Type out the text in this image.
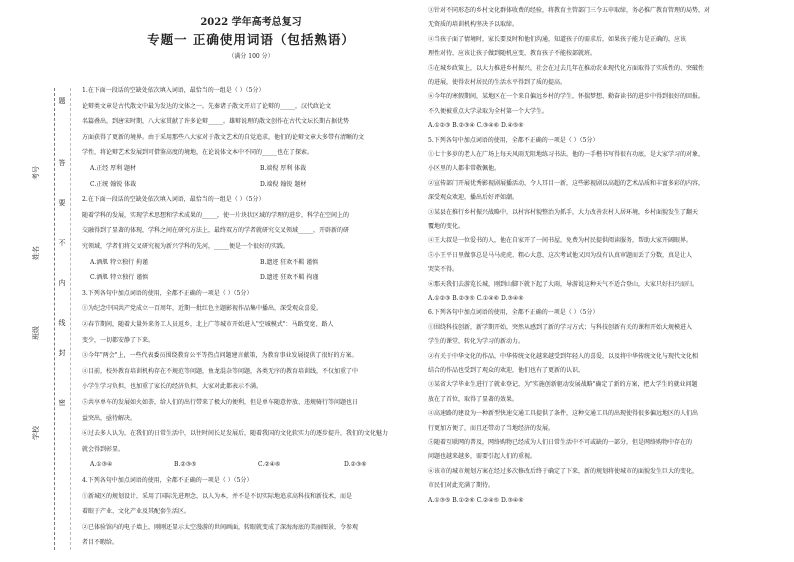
题
答
要
不
内
线
封
密
考号
姓名
班级
学校
2022 学年高考总复习
专题一 正确使用词语（包括熟语）
（满分 100 分）
1.在下面一段话的空缺处依次填入词语，最恰当的一组是（ ）（5分）
论辩类文章是古代散文中最为发达的文体之一。先秦诸子散文开启了论辩的_____，汉代政论文
名篇叠出，到唐宋时期，八大家贯献了许多论辩_____。雄辩说理的散文创作在古代文坛长期占据优势
方面获得了更新的境界。由于采用那些八大家对于散文艺术的自觉追求，他们的论辩文章大多带有清晰的文
学性，将论辩艺术发展到可借鉴高度的境地，在论说体文本中不同的_____也在了探索。
A.正经 厚利 题材	B.端倪 厚利 体裁
C.正统 翰锐 体裁	D.端倪 翰锐 题材
2.在下面一段话的空缺处依次填入词语，最恰当的一组是（ ）（5分）
随着学科的发展，实现学术思想和学术成果的_____，使一片块状区域的学理的进步，科学在空间上的
交融得到了显著的体现，学科之间在研究方法上，最终双方的学者就研究交叉领域_____，开辟新的研
究领域，学者们将交叉研究视为新兴学科的先河，_____便是一个很好的实践。
A.酒肌 特立独行 拘谨	B.遗迹 狂欢不羁 谨慎
C.酒肌 特立独行 谨慎	D.遗迹 狂欢不羁 拘谨
3.下列各句中加点词语的使用，全都不正确的一项是（ ）（5分）
①为纪念中国共产党成立一百周年，近期一批红色主题影视作品集中播出，深受观众喜爱。
②春节期间，随着大量外来务工人员返乡，北上广等城市开始进入"空城模式"：马路变宽、路人
变少，一切都安静了下来。
③今年"两会"上，一些代表委员围绕教育公平等热点问题建言献策，为教育事业发展提供了很好的方案。
④目前，校外教育培训机构存在不规范等问题，鱼龙混杂等问题，各类无序的教育培训线，不仅加重了中
小学生学习负担，也加重了家长的经济负担，大家对此都表示不满。
⑤共享单车的发展如火如荼，给人们的出行带来了极大的便利，但是单车随意停放、违规骑行等问题也日
益突出，亟待解决。
⑥过去多人认为，在我们的日常生活中，以往时间长足发展后，随着我国的文化软实力的逐步提升，我们的文化魅力
就会得到彰显。
A.①③④	B.②③⑤	C.②④⑥	D.②③⑥
4.下列各句中加点词语的使用，全都不正确的一项是（ ）（5分）
①新城区的规划设计，采用了国际先进理念，以人为本，并不是不切实际地追求高科技和新技术，而是
着眼于产业、文化产业及其配套生活区。
②已体验馆内的电子墙上，刚刚还显示太空漫游的世间画面，转眼就变成了深海海底的美丽图景，令参观
者目不暇给。
③针对不同形态的乡村文化群体收费的经验，将教育主管部门三令五申取缔，务必推广教育管理的局势，对
无资质的培训机构坚决予以取缔。
④当孩子面了情境时，家长要及时和他们沟通，知道孩子的需求后，如果孩子能力是正确的，应该
理性对待，应该让孩子做到随机应变，教育孩子不能按部就班。
⑤在城乡政策上，以大力推进乡村振兴，社会在过去几年在推动农业现代化方面取得了实质性的、突破性
的进展，使得农村居民的生活水平得到了质的提高。
⑥今年的寒假期间，某地区在一个来自偏远乡村的学生，怀揣梦想、勤奋读书的进步中得到很好的回报。
不久便被重点大学录取为全村第一个大学生。
A.①②③ B.②③④ C.③④⑥ D.④⑤⑥
5.下列各句中加点词语的使用，全都不正确的一项是（ ）（5分）
①七十多岁的老人在广场上每天风雨无阻地练习书法，他的一手楷书写得很有功底，是大家学习的对象，
小区里的人都非常敬佩他。
②宣传部门开展优秀影视剧展播活动，令人耳目一新，这些影视剧以高超的艺术品质和丰富多彩的内容，
深受观众欢迎，播出后好评如潮。
③某县在推行乡村振兴战略中，以村容村貌整治为抓手，大力改善农村人居环境，乡村面貌发生了翻天
覆地的变化。
④王大叔是一位爱书的人，他在自家开了一间书屋，免费为村民提供阅读服务，帮助大家开阔眼界。
⑤小王平日里做事总是马马虎虎、粗心大意，这次考试他又因为没有认真审题而丢了分数，真是让人
哭笑不得。
⑥那天我们去游览长城，刚到山脚下就下起了大雨，导游说这种天气不适合登山，大家只好扫兴而归。
A.①②③ B.②③⑤ C.①④⑥ D.③④⑥
6.下列各句中加点词语的使用，全都不正确的一项是（ ）（5分）
①围绕科技创新，新学期开始，突然从感到了新的学习方式；与科技创新有关的课程开始大规模进入
学生的课堂，转化为学习的新动力。
②有关于中华文化的作品，中华传统文化越来越受到年轻人的喜爱，以及将中华传统文化与现代文化相
结合的作品也受到了观众的欢迎，他们也有了更新的认识。
③某省大学毕业生进行了就业登记，为"实施创新驱动发展战略"确定了新的方案，把大学生的就业问题
放在了首位，取得了显著的效果。
④高速路的建设为一种新型快速交通工具提供了条件，这种交通工具的出现使得很多偏远地区的人们出
行更加方便了，而且还带动了当地经济的发展。
⑤随着互联网的普及，网络购物已经成为人们日常生活中不可或缺的一部分，但是网络购物中存在的
问题也越来越多，需要引起人们的重视。
⑥该市的城市规划方案在经过多次修改后终于确定了下来，新的规划将使城市的面貌发生巨大的变化，
市民们对此充满了期待。
A.①③⑤ B.①②⑥ C.②④⑤ D.③④⑥
